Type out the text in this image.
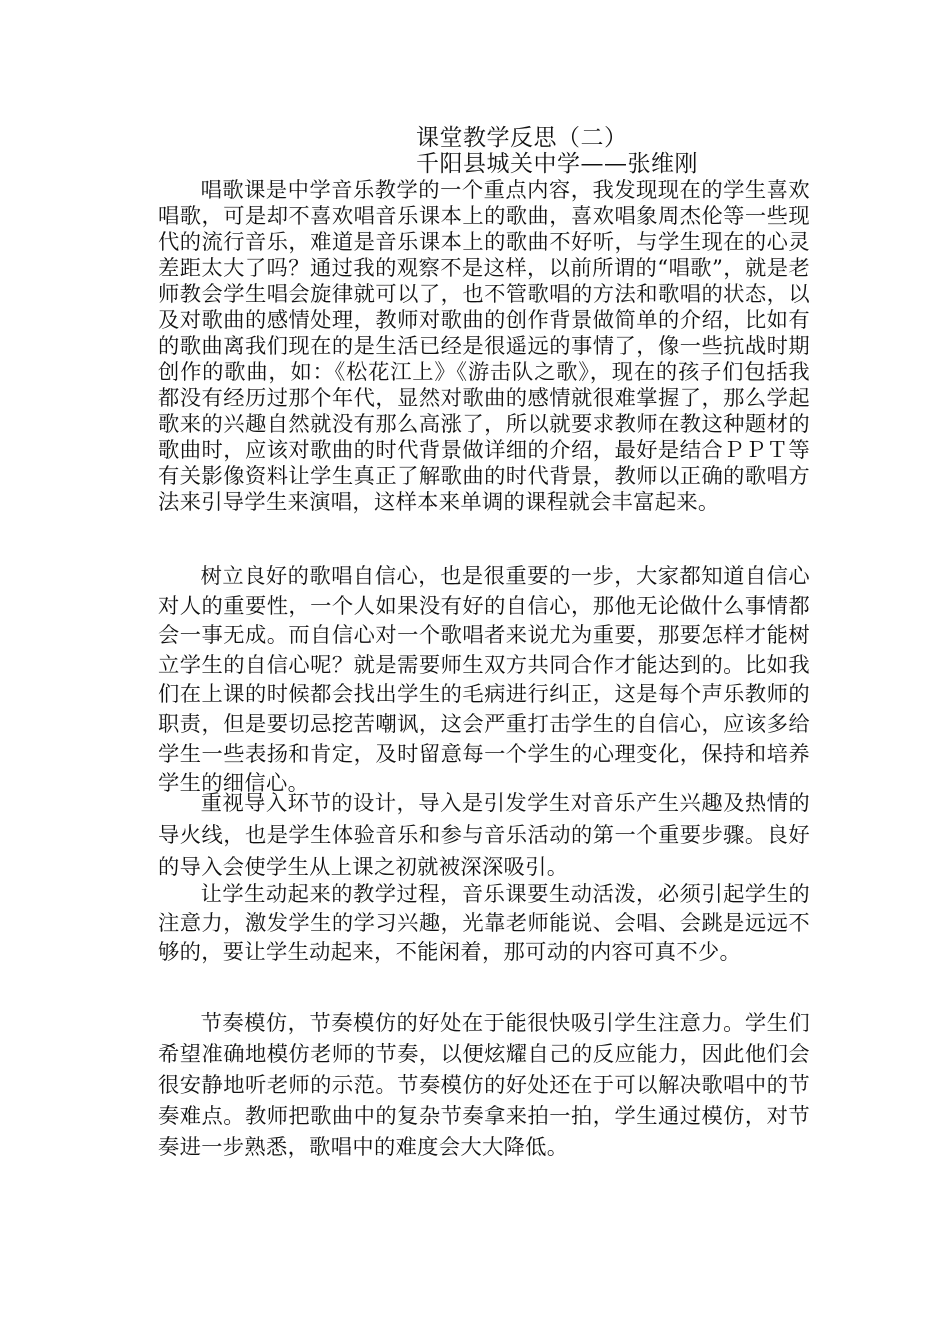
课堂教学反思（二）

千阳县城关中学——张维刚

唱歌课是中学音乐教学的一个重点内容，我发现现在的学生喜欢唱歌，可是却不喜欢唱音乐课本上的歌曲，喜欢唱象周杰伦等一些现代的流行音乐，难道是音乐课本上的歌曲不好听，与学生现在的心灵差距太大了吗？通过我的观察不是这样，以前所谓的“唱歌”，就是老师教会学生唱会旋律就可以了，也不管歌唱的方法和歌唱的状态，以及对歌曲的感情处理，教师对歌曲的创作背景做简单的介绍，比如有的歌曲离我们现在的是生活已经是很遥远的事情了，像一些抗战时期创作的歌曲，如：《松花江上》《游击队之歌》，现在的孩子们包括我都没有经历过那个年代，显然对歌曲的感情就很难掌握了，那么学起歌来的兴趣自然就没有那么高涨了，所以就要求教师在教这种题材的歌曲时，应该对歌曲的时代背景做详细的介绍，最好是结合ＰＰＴ等有关影像资料让学生真正了解歌曲的时代背景，教师以正确的歌唱方法来引导学生来演唱，这样本来单调的课程就会丰富起来。

树立良好的歌唱自信心，也是很重要的一步，大家都知道自信心对人的重要性，一个人如果没有好的自信心，那他无论做什么事情都会一事无成。而自信心对一个歌唱者来说尤为重要，那要怎样才能树立学生的自信心呢？就是需要师生双方共同合作才能达到的。比如我们在上课的时候都会找出学生的毛病进行纠正，这是每个声乐教师的职责，但是要切忌挖苦嘲讽，这会严重打击学生的自信心，应该多给学生一些表扬和肯定，及时留意每一个学生的心理变化，保持和培养学生的细信心。

重视导入环节的设计，导入是引发学生对音乐产生兴趣及热情的导火线，也是学生体验音乐和参与音乐活动的第一个重要步骤。良好的导入会使学生从上课之初就被深深吸引。

让学生动起来的教学过程，音乐课要生动活泼，必须引起学生的注意力，激发学生的学习兴趣，光靠老师能说、会唱、会跳是远远不够的，要让学生动起来，不能闲着，那可动的内容可真不少。

节奏模仿，节奏模仿的好处在于能很快吸引学生注意力。学生们希望准确地模仿老师的节奏，以便炫耀自己的反应能力，因此他们会很安静地听老师的示范。节奏模仿的好处还在于可以解决歌唱中的节奏难点。教师把歌曲中的复杂节奏拿来拍一拍，学生通过模仿，对节奏进一步熟悉，歌唱中的难度会大大降低。
